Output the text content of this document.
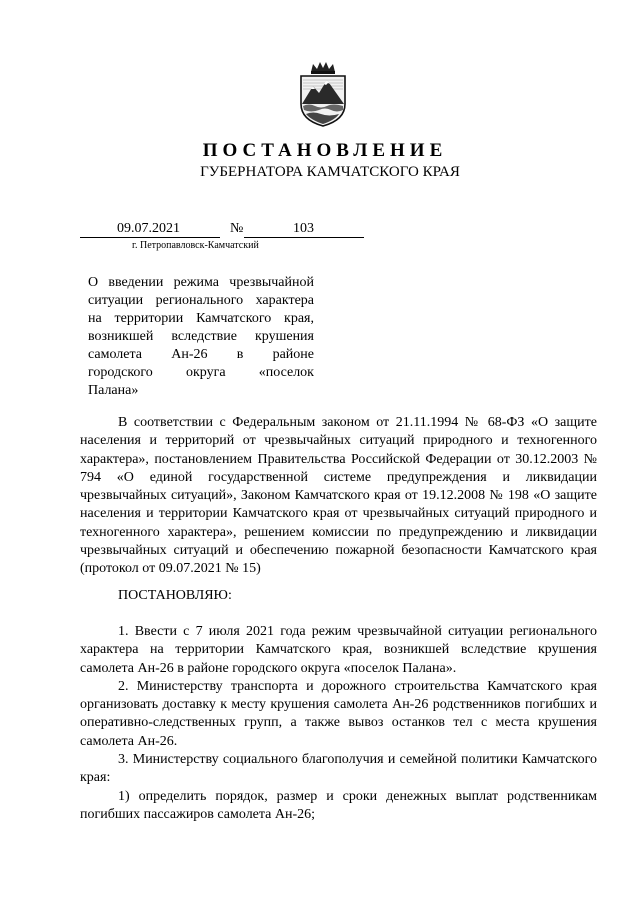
ПОСТАНОВЛЕНИЕ
ГУБЕРНАТОРА КАМЧАТСКОГО КРАЯ
09.07.2021	№	103
г. Петропавловск-Камчатский
О введении режима чрезвычайной
ситуации регионального характера
на территории Камчатского края,
возникшей вследствие крушения
самолета Ан-26 в районе
городского округа «поселок
Палана»

В соответствии с Федеральным законом от 21.11.1994 № 68-ФЗ «О защите населения и территорий от чрезвычайных ситуаций природного и техногенного характера», постановлением Правительства Российской Федерации от 30.12.2003 № 794 «О единой государственной системе предупреждения и ликвидации чрезвычайных ситуаций», Законом Камчатского края от 19.12.2008 № 198 «О защите населения и территории Камчатского края от чрезвычайных ситуаций природного и техногенного характера», решением комиссии по предупреждению и ликвидации чрезвычайных ситуаций и обеспечению пожарной безопасности Камчатского края (протокол от 09.07.2021 № 15)

ПОСТАНОВЛЯЮ:

1. Ввести с 7 июля 2021 года режим чрезвычайной ситуации регионального характера на территории Камчатского края, возникшей вследствие крушения самолета Ан-26 в районе городского округа «поселок Палана».

2. Министерству транспорта и дорожного строительства Камчатского края организовать доставку к месту крушения самолета Ан-26 родственников погибших и оперативно-следственных групп, а также вывоз останков тел с места крушения самолета Ан-26.

3. Министерству социального благополучия и семейной политики Камчатского края:

1) определить порядок, размер и сроки денежных выплат родственникам погибших пассажиров самолета Ан-26;
